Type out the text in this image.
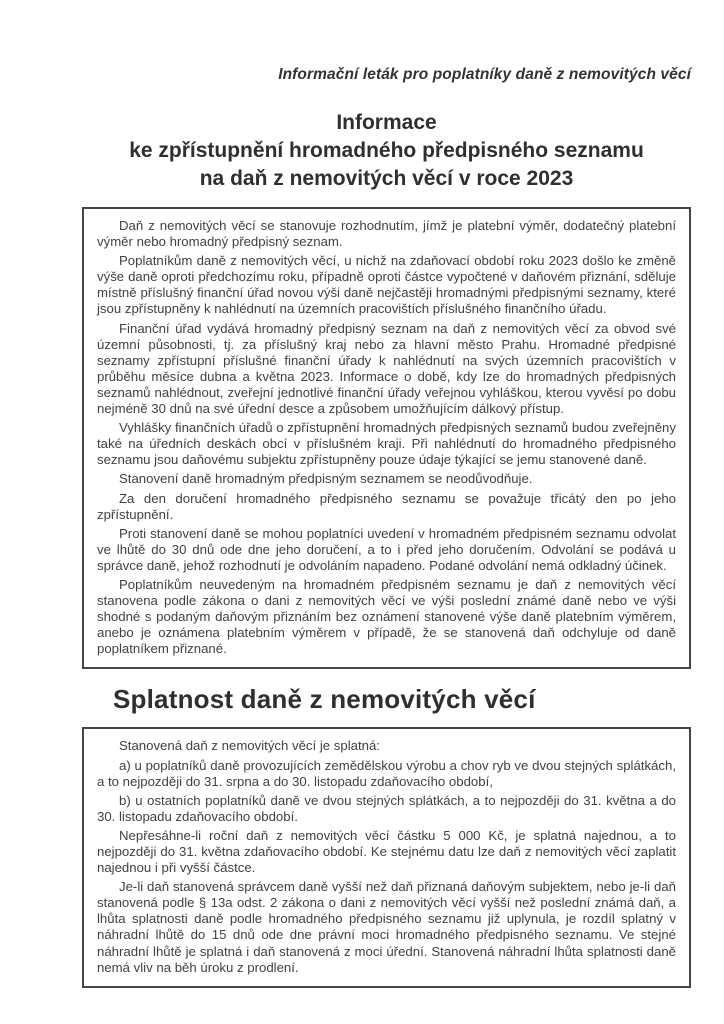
Informační leták pro poplatníky daně z nemovitých věcí
Informace
ke zpřístupnění hromadného předpisného seznamu
na daň z nemovitých věcí v roce 2023

Daň z nemovitých věcí se stanovuje rozhodnutím, jímž je platební výměr, dodatečný platební výměr nebo hromadný předpisný seznam.

Poplatníkům daně z nemovitých věcí, u nichž na zdaňovací období roku 2023 došlo ke změně výše daně oproti předchozímu roku, případně oproti částce vypočtené v daňovém přiznání, sděluje místně příslušný finanční úřad novou výši daně nejčastěji hromadnými předpisnými seznamy, které jsou zpřístupněny k nahlédnutí na územních pracovištích příslušného finančního úřadu.

Finanční úřad vydává hromadný předpisný seznam na daň z nemovitých věcí za obvod své územní působnosti, tj. za příslušný kraj nebo za hlavní město Prahu. Hromadné předpisné seznamy zpřístupní příslušné finanční úřady k nahlédnutí na svých územních pracovištích v průběhu měsíce dubna a května 2023. Informace o době, kdy lze do hromadných předpisných seznamů nahlédnout, zveřejní jednotlivé finanční úřady veřejnou vyhláškou, kterou vyvěsí po dobu nejméně 30 dnů na své úřední desce a způsobem umožňujícím dálkový přístup.

Vyhlášky finančních úřadů o zpřístupnění hromadných předpisných seznamů budou zveřejněny také na úředních deskách obcí v příslušném kraji. Při nahlédnutí do hromadného předpisného seznamu jsou daňovému subjektu zpřístupněny pouze údaje týkající se jemu stanovené daně.

Stanovení daně hromadným předpisným seznamem se neodůvodňuje.

Za den doručení hromadného předpisného seznamu se považuje třicátý den po jeho zpřístupnění.

Proti stanovení daně se mohou poplatníci uvedení v hromadném předpisném seznamu odvolat ve lhůtě do 30 dnů ode dne jeho doručení, a to i před jeho doručením. Odvolání se podává u správce daně, jehož rozhodnutí je odvoláním napadeno. Podané odvolání nemá odkladný účinek.

Poplatníkům neuvedeným na hromadném předpisném seznamu je daň z nemovitých věcí stanovena podle zákona o dani z nemovitých věcí ve výši poslední známé daně nebo ve výši shodné s podaným daňovým přiznáním bez oznámení stanovené výše daně platebním výměrem, anebo je oznámena platebním výměrem v případě, že se stanovená daň odchyluje od daně poplatníkem přiznané.

Splatnost daně z nemovitých věcí

Stanovená daň z nemovitých věcí je splatná:

a) u poplatníků daně provozujících zemědělskou výrobu a chov ryb ve dvou stejných splátkách, a to nejpozději do 31. srpna a do 30. listopadu zdaňovacího období,

b) u ostatních poplatníků daně ve dvou stejných splátkách, a to nejpozději do 31. května a do 30. listopadu zdaňovacího období.

Nepřesáhne-li roční daň z nemovitých věcí částku 5 000 Kč, je splatná najednou, a to nejpozději do 31. května zdaňovacího období. Ke stejnému datu lze daň z nemovitých věcí zaplatit najednou i při vyšší částce.

Je-li daň stanovená správcem daně vyšší než daň přiznaná daňovým subjektem, nebo je-li daň stanovená podle § 13a odst. 2 zákona o dani z nemovitých věcí vyšší než poslední známá daň, a lhůta splatnosti daně podle hromadného předpisného seznamu již uplynula, je rozdíl splatný v náhradní lhůtě do 15 dnů ode dne právní moci hromadného předpisného seznamu. Ve stejné náhradní lhůtě je splatná i daň stanovená z moci úřední. Stanovená náhradní lhůta splatnosti daně nemá vliv na běh úroku z prodlení.
